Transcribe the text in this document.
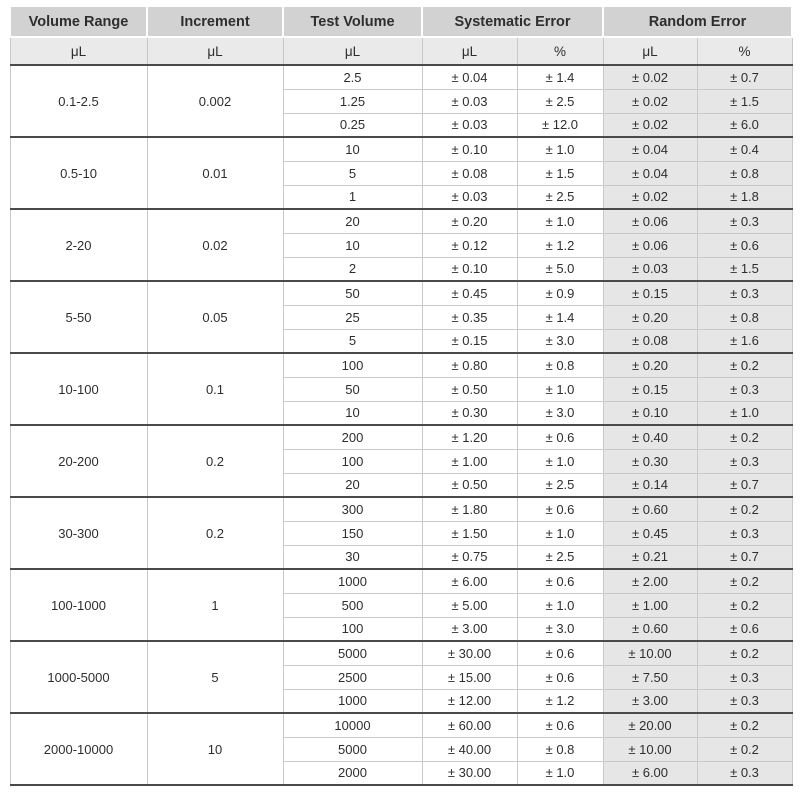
Volume Range	Increment	Test Volume	Systematic Error		Random Error	
μL	μL	μL	μL	%	μL	%
0.1-2.5	0.002	2.5	± 0.04	± 1.4	± 0.02	± 0.7
		1.25	± 0.03	± 2.5	± 0.02	± 1.5
		0.25	± 0.03	± 12.0	± 0.02	± 6.0
0.5-10	0.01	10	± 0.10	± 1.0	± 0.04	± 0.4
		5	± 0.08	± 1.5	± 0.04	± 0.8
		1	± 0.03	± 2.5	± 0.02	± 1.8
2-20	0.02	20	± 0.20	± 1.0	± 0.06	± 0.3
		10	± 0.12	± 1.2	± 0.06	± 0.6
		2	± 0.10	± 5.0	± 0.03	± 1.5
5-50	0.05	50	± 0.45	± 0.9	± 0.15	± 0.3
		25	± 0.35	± 1.4	± 0.20	± 0.8
		5	± 0.15	± 3.0	± 0.08	± 1.6
10-100	0.1	100	± 0.80	± 0.8	± 0.20	± 0.2
		50	± 0.50	± 1.0	± 0.15	± 0.3
		10	± 0.30	± 3.0	± 0.10	± 1.0
20-200	0.2	200	± 1.20	± 0.6	± 0.40	± 0.2
		100	± 1.00	± 1.0	± 0.30	± 0.3
		20	± 0.50	± 2.5	± 0.14	± 0.7
30-300	0.2	300	± 1.80	± 0.6	± 0.60	± 0.2
		150	± 1.50	± 1.0	± 0.45	± 0.3
		30	± 0.75	± 2.5	± 0.21	± 0.7
100-1000	1	1000	± 6.00	± 0.6	± 2.00	± 0.2
		500	± 5.00	± 1.0	± 1.00	± 0.2
		100	± 3.00	± 3.0	± 0.60	± 0.6
1000-5000	5	5000	± 30.00	± 0.6	± 10.00	± 0.2
		2500	± 15.00	± 0.6	± 7.50	± 0.3
		1000	± 12.00	± 1.2	± 3.00	± 0.3
2000-10000	10	10000	± 60.00	± 0.6	± 20.00	± 0.2
		5000	± 40.00	± 0.8	± 10.00	± 0.2
		2000	± 30.00	± 1.0	± 6.00	± 0.3
